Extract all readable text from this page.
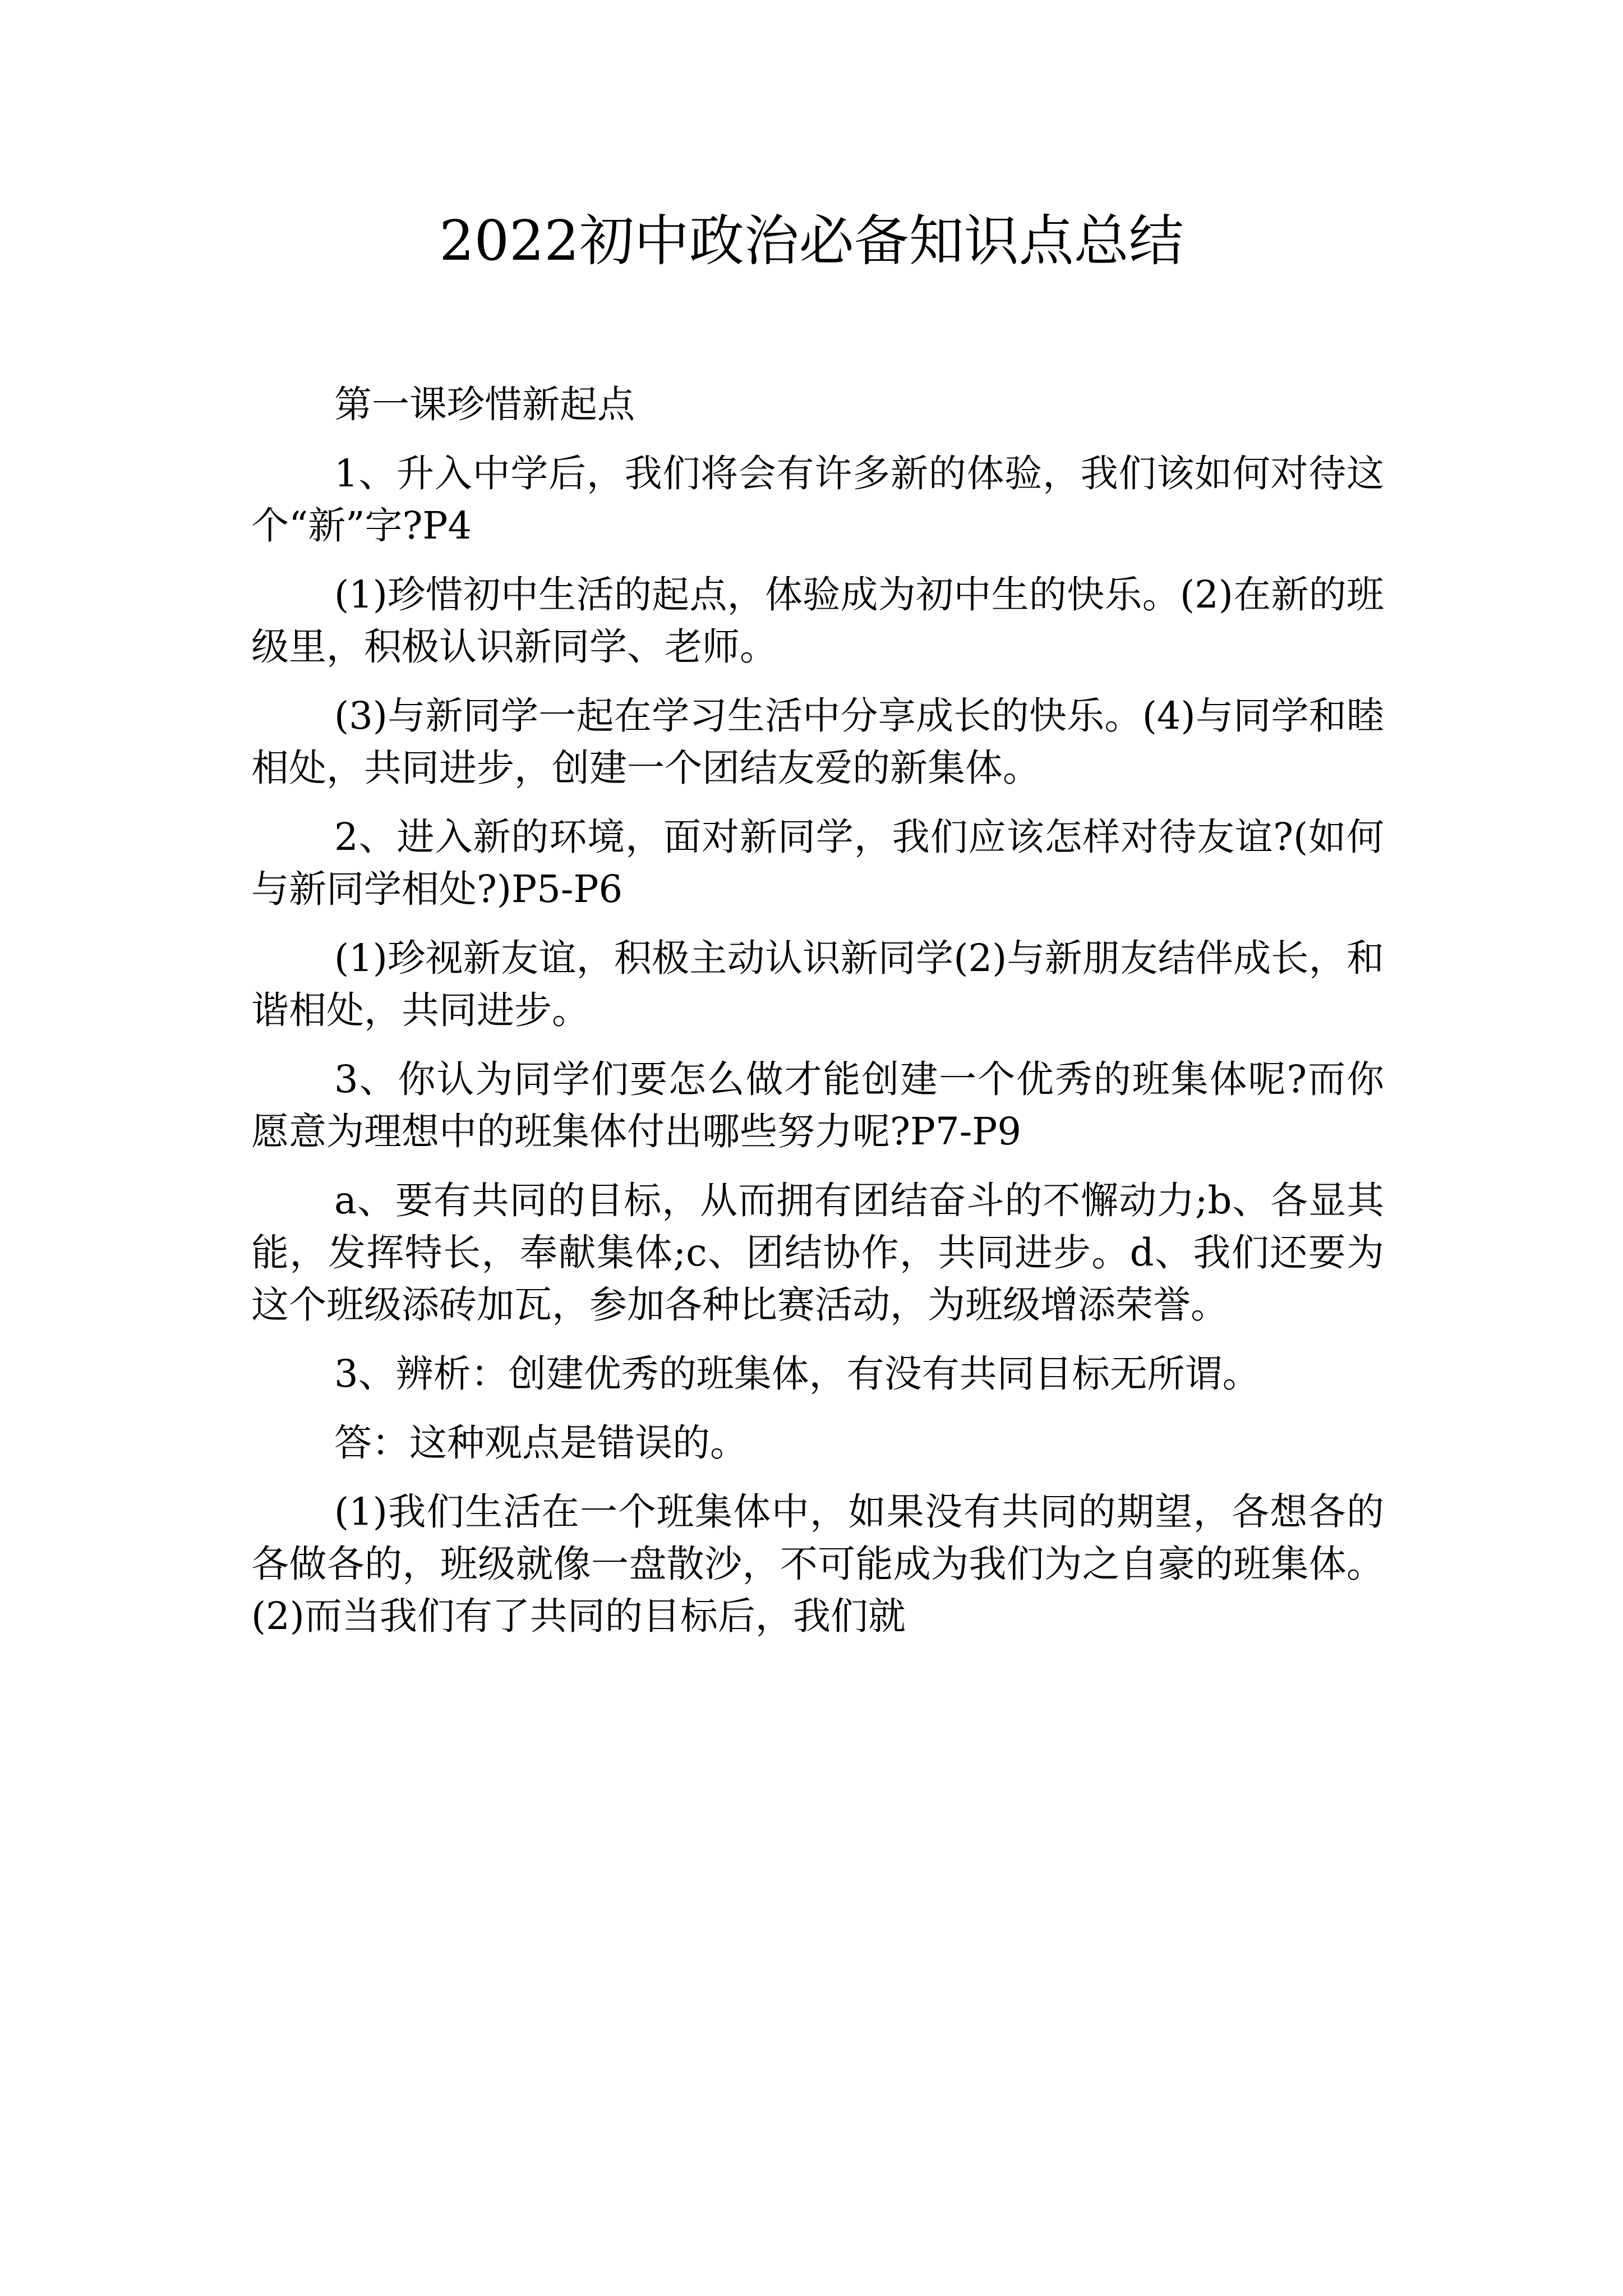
2022初中政治必备知识点总结

第一课珍惜新起点

1、升入中学后，我们将会有许多新的体验，我们该如何对待这个“新”字?P4

(1)珍惜初中生活的起点，体验成为初中生的快乐。(2)在新的班级里，积极认识新同学、老师。

(3)与新同学一起在学习生活中分享成长的快乐。(4)与同学和睦相处，共同进步，创建一个团结友爱的新集体。

2、进入新的环境，面对新同学，我们应该怎样对待友谊?(如何与新同学相处?)P5-P6

(1)珍视新友谊，积极主动认识新同学(2)与新朋友结伴成长，和谐相处，共同进步。

3、你认为同学们要怎么做才能创建一个优秀的班集体呢?而你愿意为理想中的班集体付出哪些努力呢?P7-P9

a、要有共同的目标，从而拥有团结奋斗的不懈动力;b、各显其能，发挥特长，奉献集体;c、团结协作，共同进步。d、我们还要为这个班级添砖加瓦，参加各种比赛活动，为班级增添荣誉。

3、辨析：创建优秀的班集体，有没有共同目标无所谓。

答：这种观点是错误的。

(1)我们生活在一个班集体中，如果没有共同的期望，各想各的各做各的，班级就像一盘散沙，不可能成为我们为之自豪的班集体。(2)而当我们有了共同的目标后，我们就
